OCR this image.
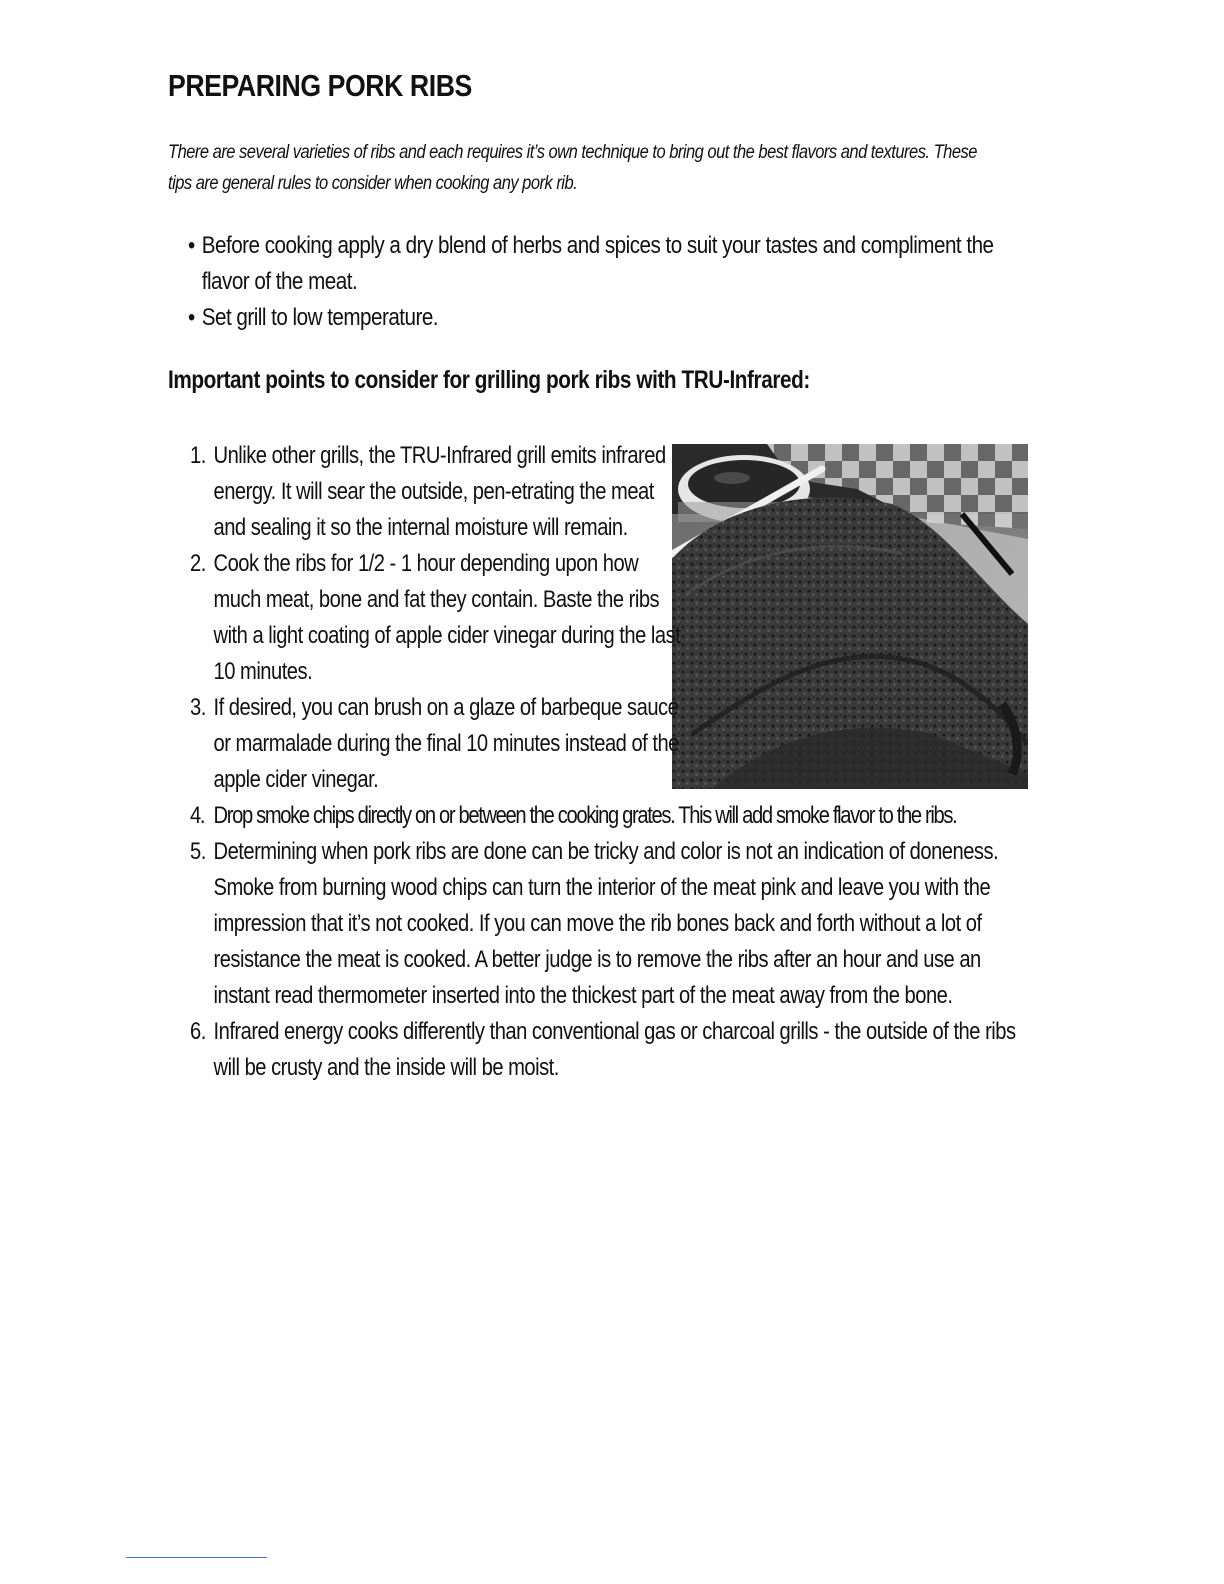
PREPARING PORK RIBS

There are several varieties of ribs and each requires it’s own technique to bring out the best flavors and textures. These tips are general rules to consider when cooking any pork rib.

• Before cooking apply a dry blend of herbs and spices to suit your tastes and compliment the flavor of the meat.
• Set grill to low temperature.
Important points to consider for grilling pork ribs with TRU-Infrared:
1. Unlike other grills, the TRU-Infrared grill emits infrared energy. It will sear the outside, pen-etrating the meat and sealing it so the internal moisture will remain.
2. Cook the ribs for 1/2 - 1 hour depending upon how much meat, bone and fat they contain. Baste the ribs with a light coating of apple cider vinegar during the last 10 minutes.
3. If desired, you can brush on a glaze of barbeque sauce or marmalade during the final 10 minutes instead of the apple cider vinegar.
4. Drop smoke chips directly on or between the cooking grates. This will add smoke flavor to the ribs.
5. Determining when pork ribs are done can be tricky and color is not an indication of doneness. Smoke from burning wood chips can turn the interior of the meat pink and leave you with the impression that it’s not cooked. If you can move the rib bones back and forth without a lot of resistance the meat is cooked. A better judge is to remove the ribs after an hour and use an instant read thermometer inserted into the thickest part of the meat away from the bone.
6. Infrared energy cooks differently than conventional gas or charcoal grills - the outside of the ribs will be crusty and the inside will be moist.
